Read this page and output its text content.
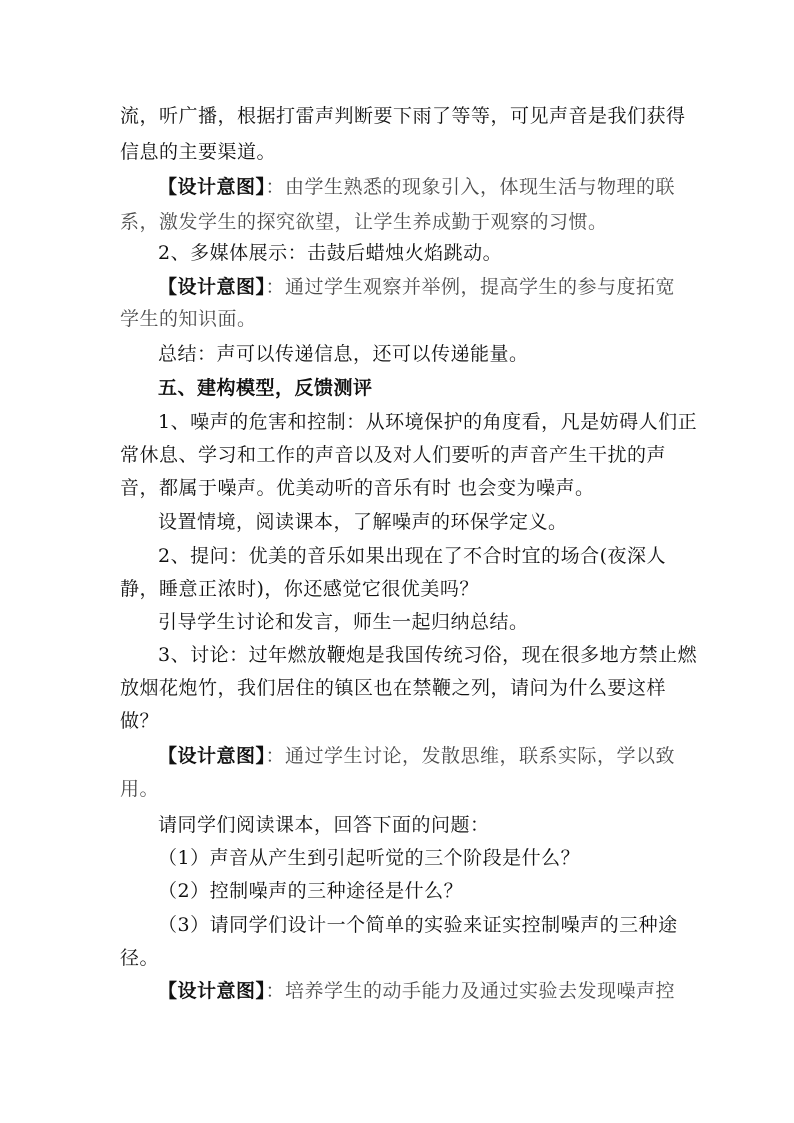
流，听广播，根据打雷声判断要下雨了等等，可见声音是我们获得
信息的主要渠道。
【设计意图】：由学生熟悉的现象引入，体现生活与物理的联
系，激发学生的探究欲望，让学生养成勤于观察的习惯。
2、多媒体展示：击鼓后蜡烛火焰跳动。
【设计意图】：通过学生观察并举例，提高学生的参与度拓宽
学生的知识面。
总结：声可以传递信息，还可以传递能量。
五、建构模型，反馈测评
1、噪声的危害和控制：从环境保护的角度看，凡是妨碍人们正
常休息、学习和工作的声音以及对人们要听的声音产生干扰的声
音，都属于噪声。优美动听的音乐有时 也会变为噪声。
设置情境，阅读课本，了解噪声的环保学定义。
2、提问：优美的音乐如果出现在了不合时宜的场合(夜深人
静，睡意正浓时)，你还感觉它很优美吗？
引导学生讨论和发言，师生一起归纳总结。
3、讨论：过年燃放鞭炮是我国传统习俗，现在很多地方禁止燃
放烟花炮竹，我们居住的镇区也在禁鞭之列，请问为什么要这样
做？
【设计意图】：通过学生讨论，发散思维，联系实际，学以致
用。
请同学们阅读课本，回答下面的问题：
（1）声音从产生到引起听觉的三个阶段是什么？
（2）控制噪声的三种途径是什么？
（3）请同学们设计一个简单的实验来证实控制噪声的三种途
径。
【设计意图】：培养学生的动手能力及通过实验去发现噪声控
